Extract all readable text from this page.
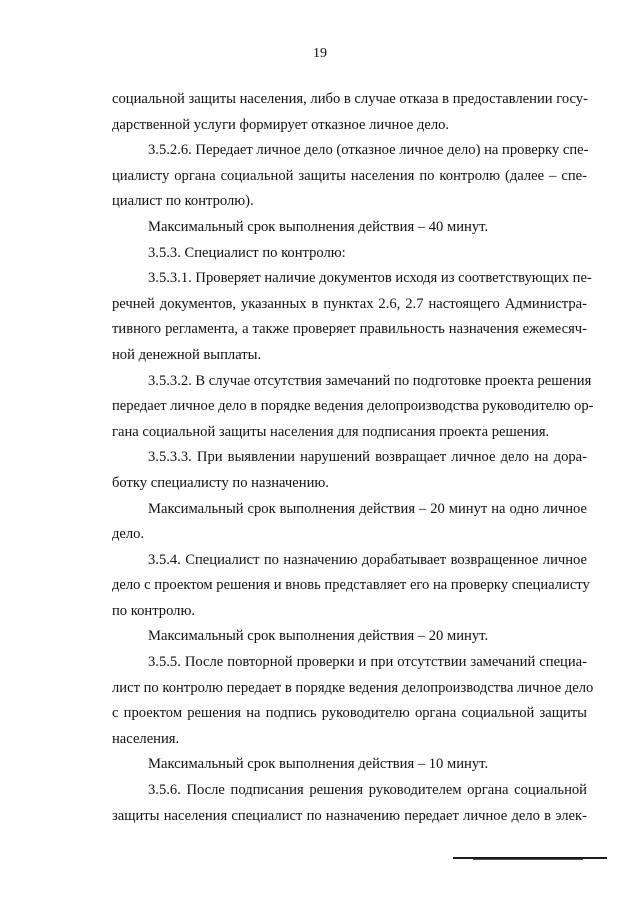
19
социальной защиты населения, либо в случае отказа в предоставлении госу-
дарственной услуги формирует отказное личное дело.
3.5.2.6. Передает личное дело (отказное личное дело) на проверку спе-
циалисту органа социальной защиты населения по контролю (далее – спе-
циалист по контролю).
Максимальный срок выполнения действия – 40 минут.
3.5.3. Специалист по контролю:
3.5.3.1. Проверяет наличие документов исходя из соответствующих пе-
речней документов, указанных в пунктах 2.6, 2.7 настоящего Администра-
тивного регламента, а также проверяет правильность назначения ежемесяч-
ной денежной выплаты.
3.5.3.2. В случае отсутствия замечаний по подготовке проекта решения
передает личное дело в порядке ведения делопроизводства руководителю ор-
гана социальной защиты населения для подписания проекта решения.
3.5.3.3. При выявлении нарушений возвращает личное дело на дора-
ботку специалисту по назначению.
Максимальный срок выполнения действия – 20 минут на одно личное
дело.
3.5.4. Специалист по назначению дорабатывает возвращенное личное
дело с проектом решения и вновь представляет его на проверку специалисту
по контролю.
Максимальный срок выполнения действия – 20 минут.
3.5.5. После повторной проверки и при отсутствии замечаний специа-
лист по контролю передает в порядке ведения делопроизводства личное дело
с проектом решения на подпись руководителю органа социальной защиты
населения.
Максимальный срок выполнения действия – 10 минут.
3.5.6. После подписания решения руководителем органа социальной
защиты населения специалист по назначению передает личное дело в элек-
